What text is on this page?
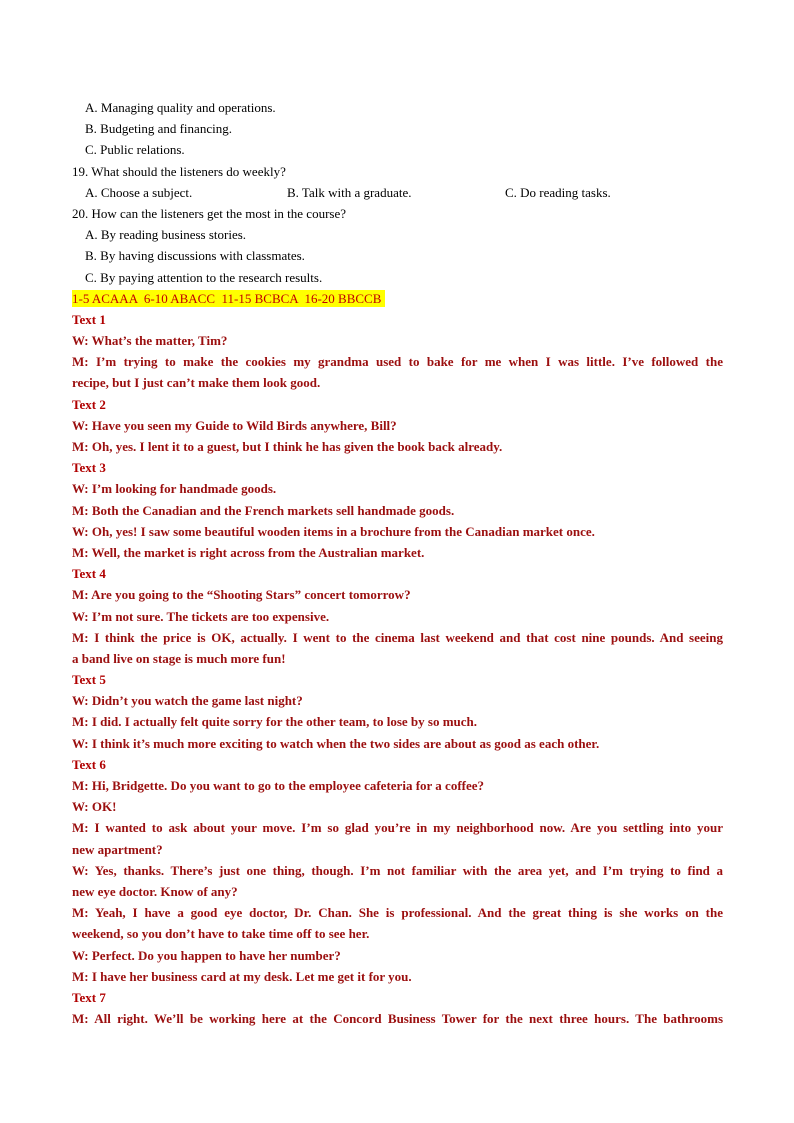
A. Managing quality and operations.
B. Budgeting and financing.
C. Public relations.
19. What should the listeners do weekly?
A. Choose a subject.	B. Talk with a graduate.	C. Do reading tasks.
20. How can the listeners get the most in the course?
A. By reading business stories.
B. By having discussions with classmates.
C. By paying attention to the research results.
1-5 ACAAA  6-10 ABACC  11-15 BCBCA  16-20 BBCCB
Text 1
W: What’s the matter, Tim?
M: I’m trying to make the cookies my grandma used to bake for me when I was little. I’ve followed the
recipe, but I just can’t make them look good.
Text 2
W: Have you seen my Guide to Wild Birds anywhere, Bill?
M: Oh, yes. I lent it to a guest, but I think he has given the book back already.
Text 3
W: I’m looking for handmade goods.
M: Both the Canadian and the French markets sell handmade goods.
W: Oh, yes! I saw some beautiful wooden items in a brochure from the Canadian market once.
M: Well, the market is right across from the Australian market.
Text 4
M: Are you going to the “Shooting Stars” concert tomorrow?
W: I’m not sure. The tickets are too expensive.
M: I think the price is OK, actually. I went to the cinema last weekend and that cost nine pounds. And seeing
a band live on stage is much more fun!
Text 5
W: Didn’t you watch the game last night?
M: I did. I actually felt quite sorry for the other team, to lose by so much.
W: I think it’s much more exciting to watch when the two sides are about as good as each other.
Text 6
M: Hi, Bridgette. Do you want to go to the employee cafeteria for a coffee?
W: OK!
M: I wanted to ask about your move. I’m so glad you’re in my neighborhood now. Are you settling into your
new apartment?
W: Yes, thanks. There’s just one thing, though. I’m not familiar with the area yet, and I’m trying to find a
new eye doctor. Know of any?
M: Yeah, I have a good eye doctor, Dr. Chan. She is professional. And the great thing is she works on the
weekend, so you don’t have to take time off to see her.
W: Perfect. Do you happen to have her number?
M: I have her business card at my desk. Let me get it for you.
Text 7
M: All right. We’ll be working here at the Concord Business Tower for the next three hours. The bathrooms
